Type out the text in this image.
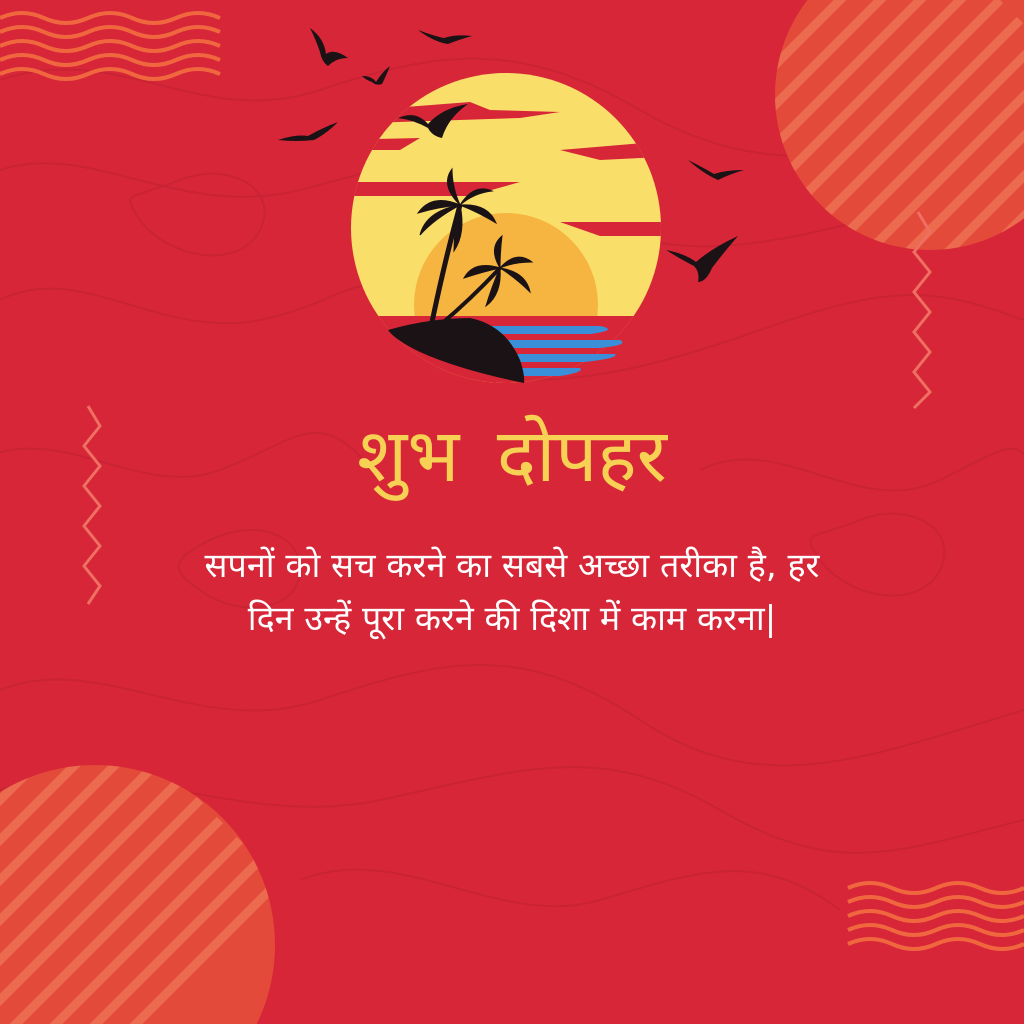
शुभ दोपहर

सपनों को सच करने का सबसे अच्छा तरीका है, हर
दिन उन्हें पूरा करने की दिशा में काम करना|
